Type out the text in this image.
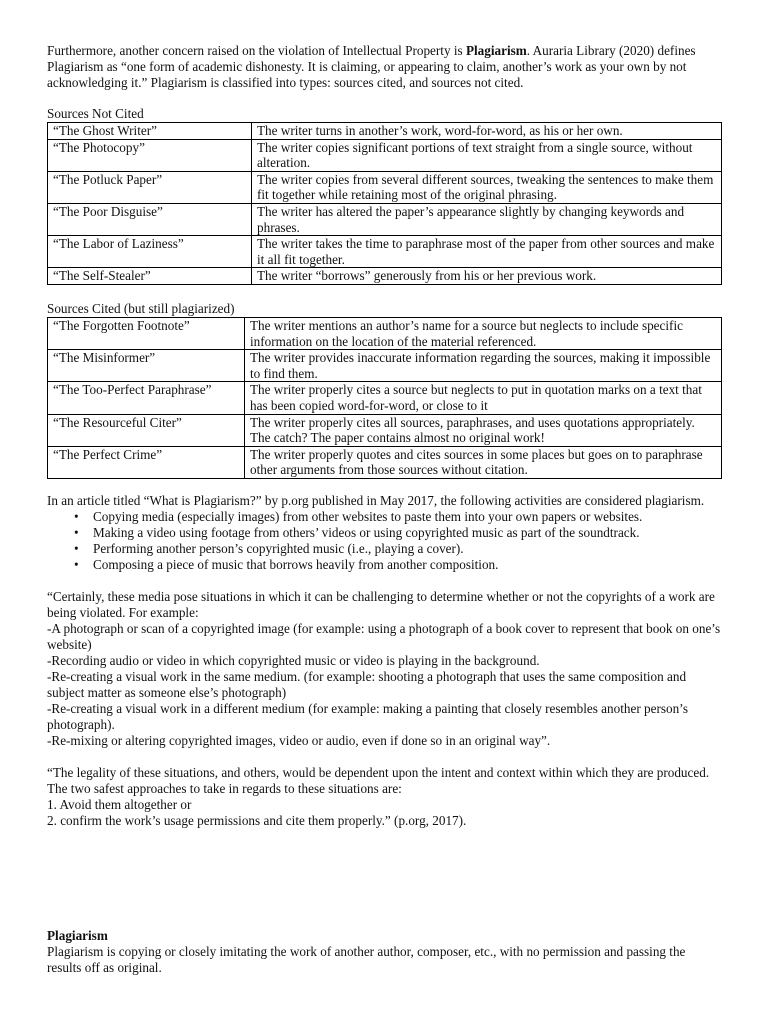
Furthermore, another concern raised on the violation of Intellectual Property is Plagiarism. Auraria Library (2020) defines Plagiarism as “one form of academic dishonesty. It is claiming, or appearing to claim, another’s work as your own by not acknowledging it.” Plagiarism is classified into types: sources cited, and sources not cited.

Sources Not Cited

“The Ghost Writer”	The writer turns in another’s work, word-for-word, as his or her own.
“The Photocopy”	The writer copies significant portions of text straight from a single source, without alteration.
“The Potluck Paper”	The writer copies from several different sources, tweaking the sentences to make them fit together while retaining most of the original phrasing.
“The Poor Disguise”	The writer has altered the paper’s appearance slightly by changing keywords and phrases.
“The Labor of Laziness”	The writer takes the time to paraphrase most of the paper from other sources and make it all fit together.
“The Self-Stealer”	The writer “borrows” generously from his or her previous work.

Sources Cited (but still plagiarized)

“The Forgotten Footnote”	The writer mentions an author’s name for a source but neglects to include specific information on the location of the material referenced.
“The Misinformer”	The writer provides inaccurate information regarding the sources, making it impossible to find them.
“The Too-Perfect Paraphrase”	The writer properly cites a source but neglects to put in quotation marks on a text that has been copied word-for-word, or close to it
“The Resourceful Citer”	The writer properly cites all sources, paraphrases, and uses quotations appropriately. The catch? The paper contains almost no original work!
“The Perfect Crime”	The writer properly quotes and cites sources in some places but goes on to paraphrase other arguments from those sources without citation.

In an article titled “What is Plagiarism?” by p.org published in May 2017, the following activities are considered plagiarism.

• Copying media (especially images) from other websites to paste them into your own papers or websites.
• Making a video using footage from others’ videos or using copyrighted music as part of the soundtrack.
• Performing another person’s copyrighted music (i.e., playing a cover).
• Composing a piece of music that borrows heavily from another composition.

“Certainly, these media pose situations in which it can be challenging to determine whether or not the copyrights of a work are being violated. For example:

-A photograph or scan of a copyrighted image (for example: using a photograph of a book cover to represent that book on one’s website)

-Recording audio or video in which copyrighted music or video is playing in the background.

-Re-creating a visual work in the same medium. (for example: shooting a photograph that uses the same composition and subject matter as someone else’s photograph)

-Re-creating a visual work in a different medium (for example: making a painting that closely resembles another person’s photograph).

-Re-mixing or altering copyrighted images, video or audio, even if done so in an original way”.

“The legality of these situations, and others, would be dependent upon the intent and context within which they are produced. The two safest approaches to take in regards to these situations are:

1. Avoid them altogether or

2. confirm the work’s usage permissions and cite them properly.” (p.org, 2017).

Plagiarism

Plagiarism is copying or closely imitating the work of another author, composer, etc., with no permission and passing the results off as original.
